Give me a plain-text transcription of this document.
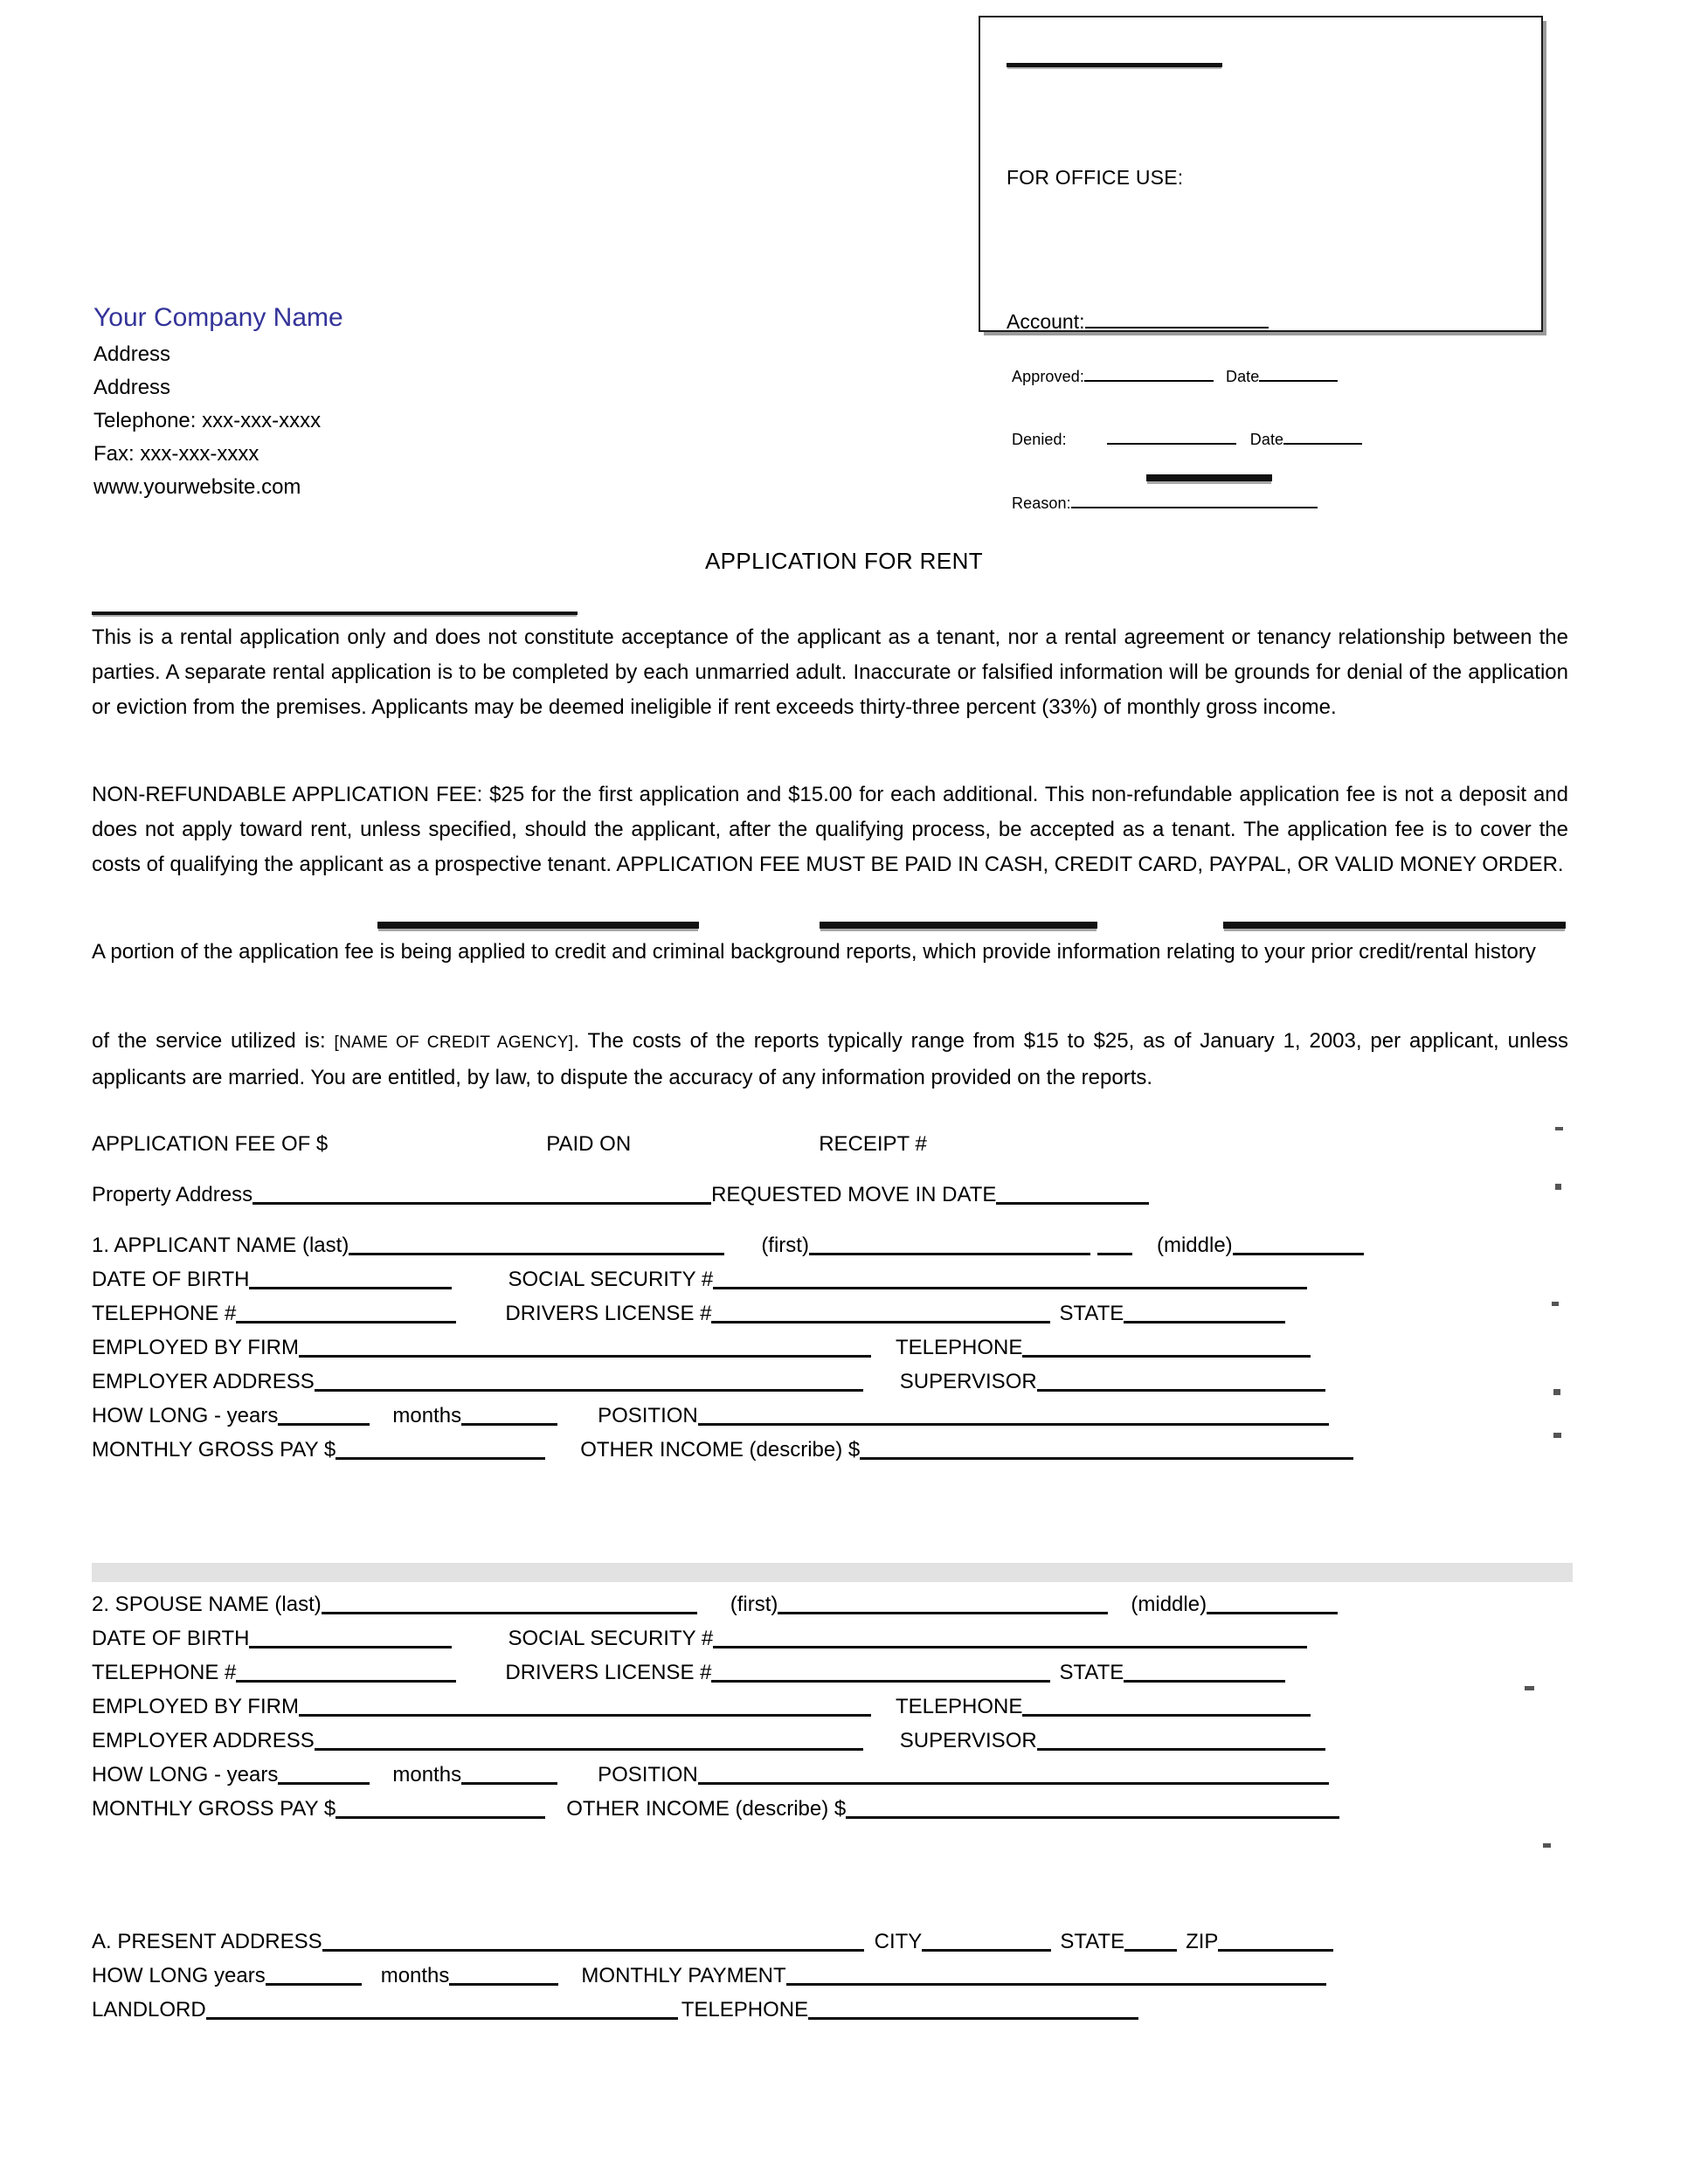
FOR OFFICE USE:
Account:
Approved:	Date
Denied:	Date
Reason:
Your Company Name
Address
Address
Telephone: xxx-xxx-xxxx
Fax: xxx-xxx-xxxx
www.yourwebsite.com
APPLICATION FOR RENT
This is a rental application only and does not constitute acceptance of the applicant as a tenant, nor a rental agreement or tenancy relationship between the parties. A separate rental application is to be completed by each unmarried adult. Inaccurate or falsified information will be grounds for denial of the application or eviction from the premises. Applicants may be deemed ineligible if rent exceeds thirty-three percent (33%) of monthly gross income.
NON-REFUNDABLE APPLICATION FEE: $25 for the first application and $15.00 for each additional. This non-refundable application fee is not a deposit and does not apply toward rent, unless specified, should the applicant, after the qualifying process, be accepted as a tenant. The application fee is to cover the costs of qualifying the applicant as a prospective tenant. APPLICATION FEE MUST BE PAID IN CASH, CREDIT CARD, PAYPAL, OR VALID MONEY ORDER.
A portion of the application fee is being applied to credit and criminal background reports, which provide information relating to your prior credit/rental history
of the service utilized is: [NAME OF CREDIT AGENCY]. The costs of the reports typically range from $15 to $25, as of January 1, 2003, per applicant, unless applicants are married. You are entitled, by law, to dispute the accuracy of any information provided on the reports.
APPLICATION FEE OF $	PAID ON	RECEIPT #
Property Address	REQUESTED MOVE IN DATE
1. APPLICANT NAME (last)	(first)	(middle)
DATE OF BIRTH	SOCIAL SECURITY #
TELEPHONE #	DRIVERS LICENSE #	STATE
EMPLOYED BY FIRM	TELEPHONE
EMPLOYER ADDRESS	SUPERVISOR
HOW LONG - years	months	POSITION
MONTHLY GROSS PAY $	OTHER INCOME (describe) $
2. SPOUSE NAME (last)	(first)	(middle)
DATE OF BIRTH	SOCIAL SECURITY #
TELEPHONE #	DRIVERS LICENSE #	STATE
EMPLOYED BY FIRM	TELEPHONE
EMPLOYER ADDRESS	SUPERVISOR
HOW LONG - years	months	POSITION
MONTHLY GROSS PAY $	OTHER INCOME (describe) $
A. PRESENT ADDRESS	CITY	STATE	ZIP
HOW LONG years	months	MONTHLY PAYMENT
LANDLORD	TELEPHONE
